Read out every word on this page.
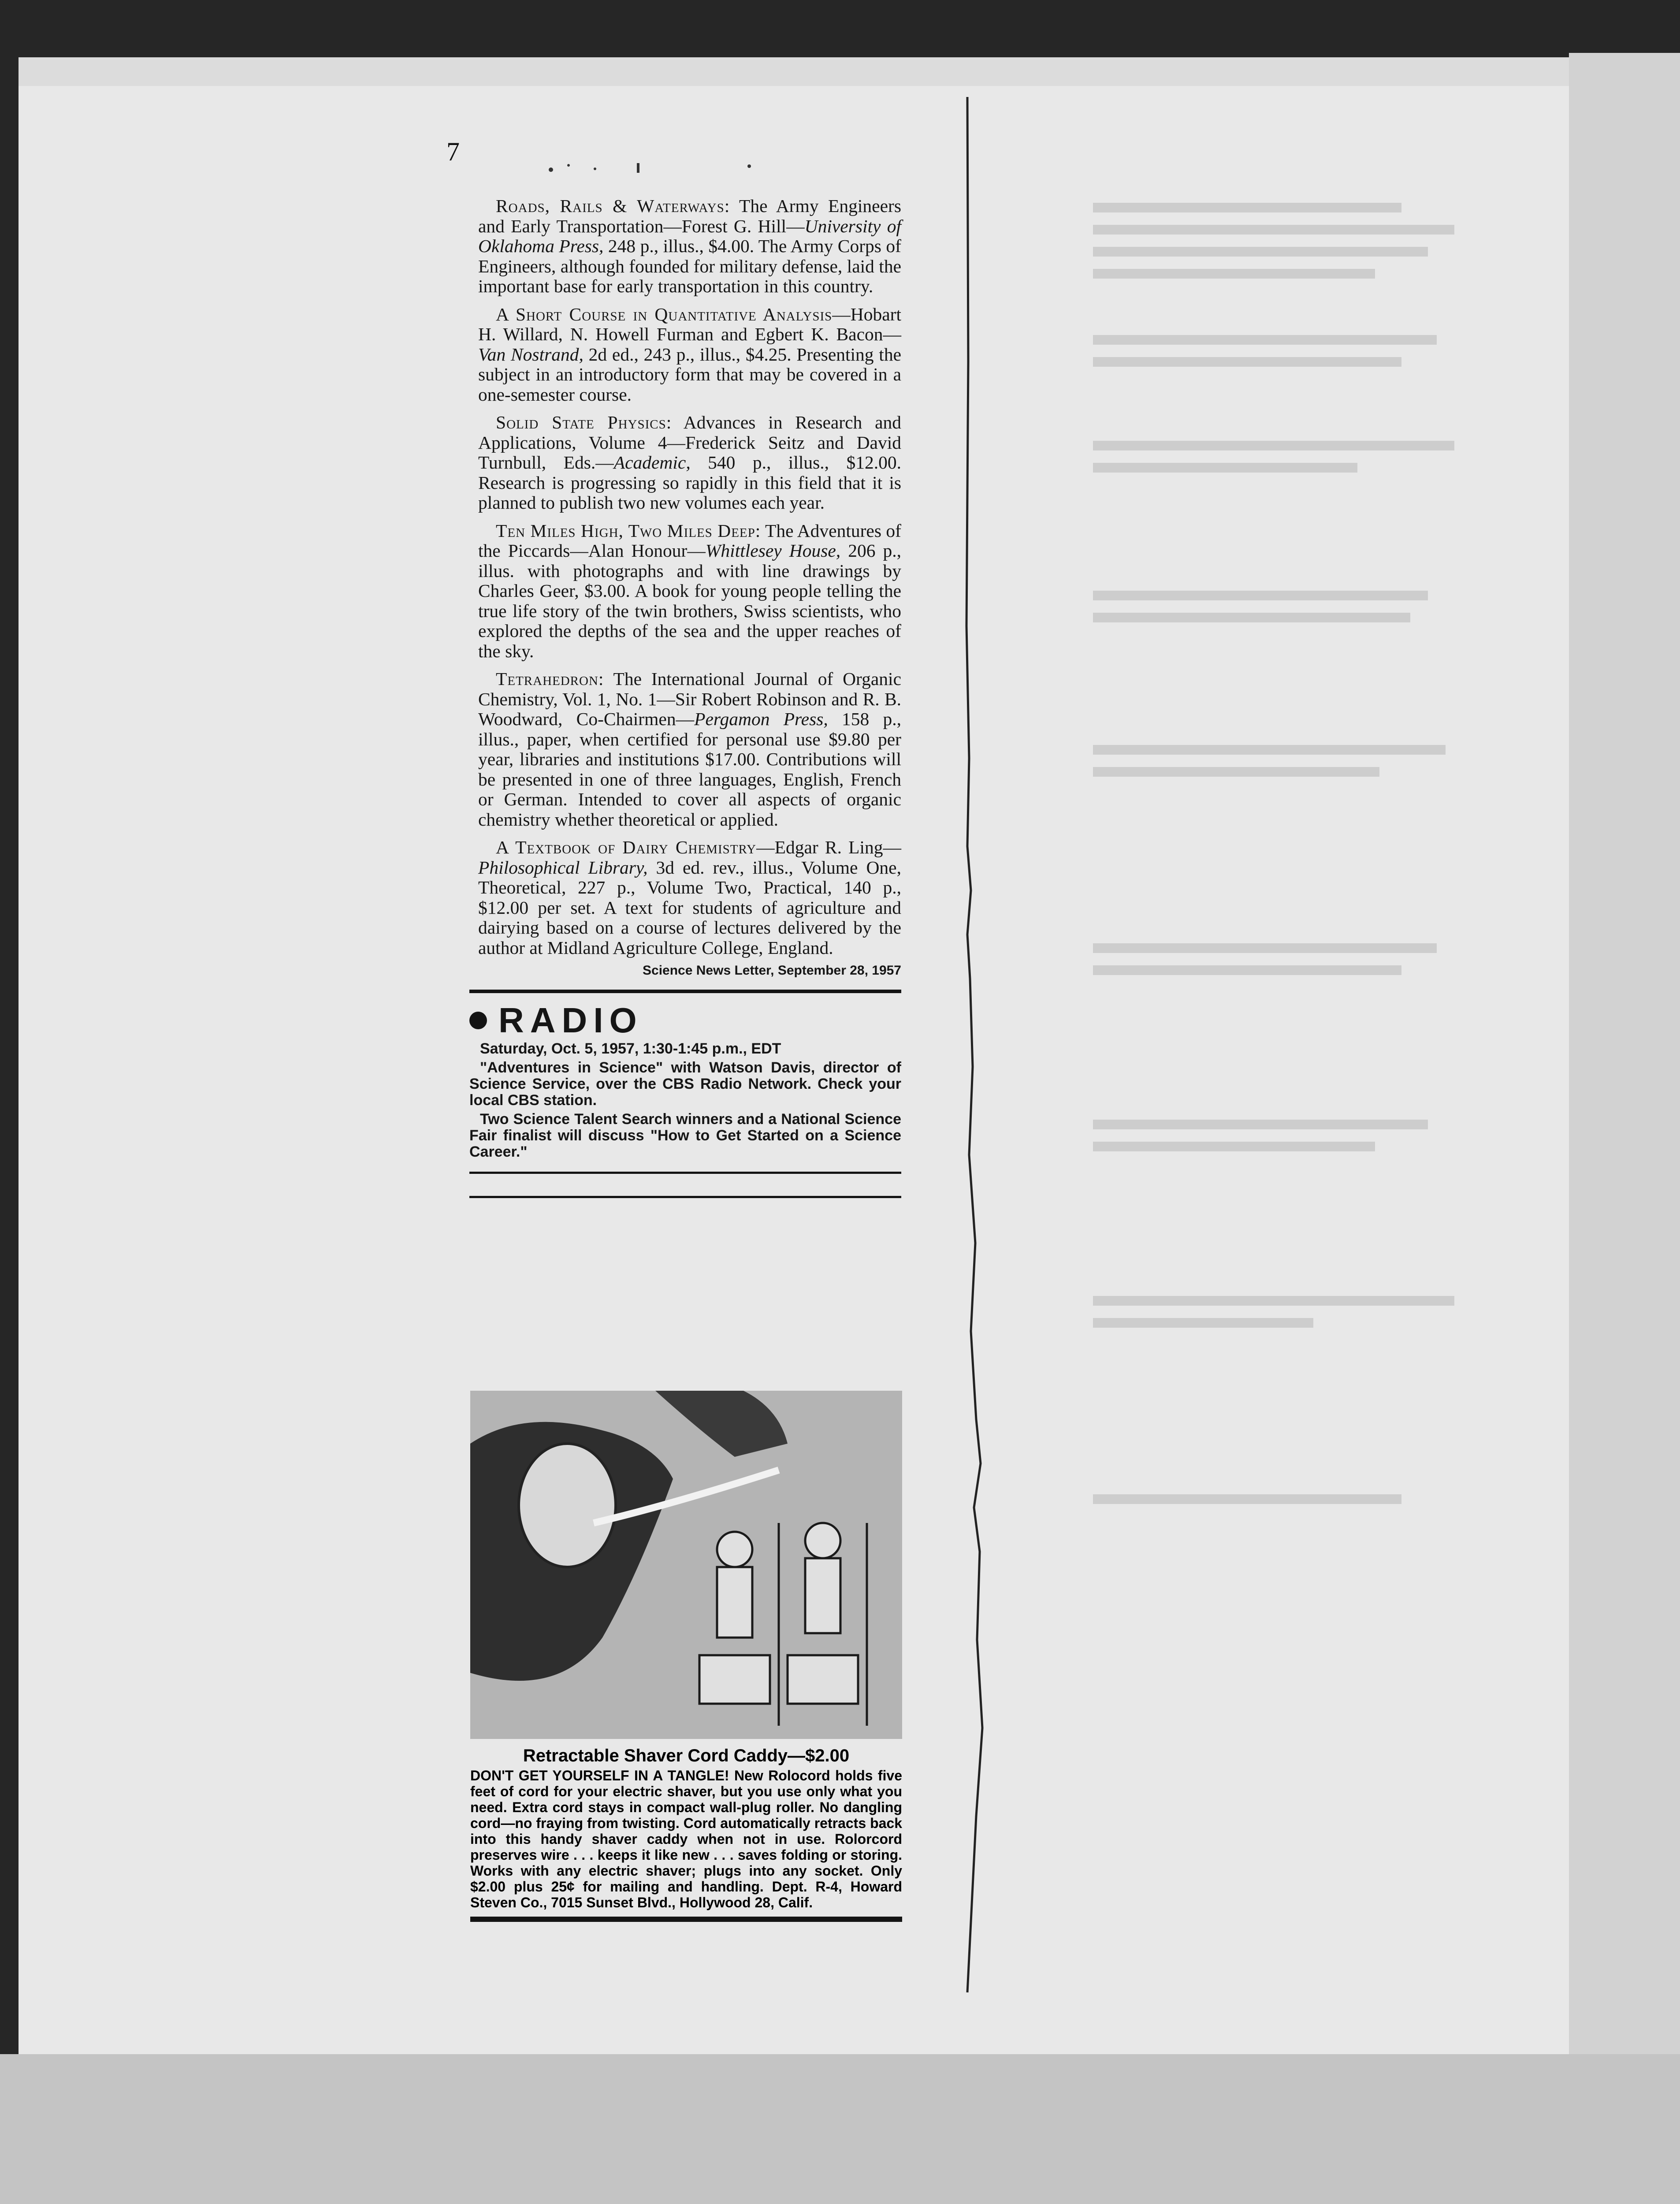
7

Roads, Rails & Waterways: The Army Engineers and Early Transportation—Forest G. Hill—University of Oklahoma Press, 248 p., illus., $4.00. The Army Corps of Engineers, although founded for military defense, laid the important base for early transportation in this country.

A Short Course in Quantitative Analysis—Hobart H. Willard, N. Howell Furman and Egbert K. Bacon—Van Nostrand, 2d ed., 243 p., illus., $4.25. Presenting the subject in an introductory form that may be covered in a one-semester course.

Solid State Physics: Advances in Research and Applications, Volume 4—Frederick Seitz and David Turnbull, Eds.—Academic, 540 p., illus., $12.00. Research is progressing so rapidly in this field that it is planned to publish two new volumes each year.

Ten Miles High, Two Miles Deep: The Adventures of the Piccards—Alan Honour—Whittlesey House, 206 p., illus. with photographs and with line drawings by Charles Geer, $3.00. A book for young people telling the true life story of the twin brothers, Swiss scientists, who explored the depths of the sea and the upper reaches of the sky.

Tetrahedron: The International Journal of Organic Chemistry, Vol. 1, No. 1—Sir Robert Robinson and R. B. Woodward, Co-Chairmen—Pergamon Press, 158 p., illus., paper, when certified for personal use $9.80 per year, libraries and institutions $17.00. Contributions will be presented in one of three languages, English, French or German. Intended to cover all aspects of organic chemistry whether theoretical or applied.

A Textbook of Dairy Chemistry—Edgar R. Ling—Philosophical Library, 3d ed. rev., illus., Volume One, Theoretical, 227 p., Volume Two, Practical, 140 p., $12.00 per set. A text for students of agriculture and dairying based on a course of lectures delivered by the author at Midland Agriculture College, England.

Science News Letter, September 28, 1957
RADIO

Saturday, Oct. 5, 1957, 1:30-1:45 p.m., EDT

"Adventures in Science" with Watson Davis, director of Science Service, over the CBS Radio Network. Check your local CBS station.

Two Science Talent Search winners and a National Science Fair finalist will discuss "How to Get Started on a Science Career."

Retractable Shaver Cord Caddy—$2.00
DON'T GET YOURSELF IN A TANGLE! New Rolocord holds five feet of cord for your electric shaver, but you use only what you need. Extra cord stays in compact wall-plug roller. No dangling cord—no fraying from twisting. Cord automatically retracts back into this handy shaver caddy when not in use. Rolorcord preserves wire . . . keeps it like new . . . saves folding or storing. Works with any electric shaver; plugs into any socket. Only $2.00 plus 25¢ for mailing and handling. Dept. R-4, Howard Steven Co., 7015 Sunset Blvd., Hollywood 28, Calif.
